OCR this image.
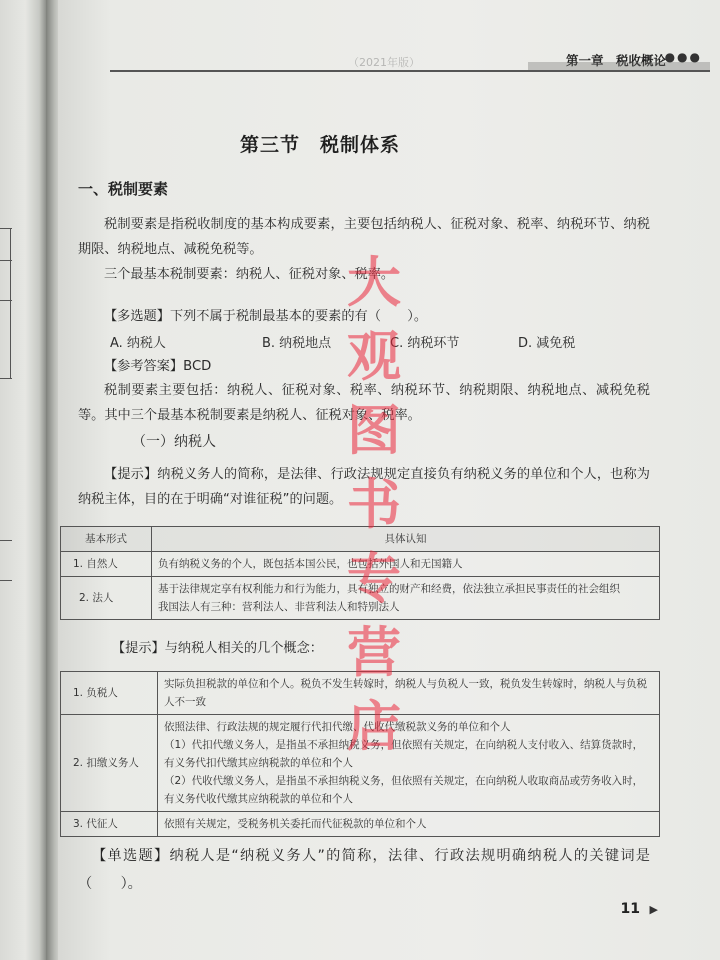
（2021年版）	第一章　税收概论
●●●
第三节　税制体系
一、税制要素
税制要素是指税收制度的基本构成要素，主要包括纳税人、征税对象、税率、纳税环节、纳税期限、纳税地点、减税免税等。
三个最基本税制要素：纳税人、征税对象、税率。
【多选题】下列不属于税制最基本的要素的有（　　）。
A. 纳税人	B. 纳税地点	C. 纳税环节	D. 减免税
【参考答案】BCD
税制要素主要包括：纳税人、征税对象、税率、纳税环节、纳税期限、纳税地点、减税免税等。其中三个最基本税制要素是纳税人、征税对象、税率。
（一）纳税人
【提示】纳税义务人的简称，是法律、行政法规规定直接负有纳税义务的单位和个人，也称为纳税主体，目的在于明确“对谁征税”的问题。
基本形式	具体认知
1. 自然人	负有纳税义务的个人，既包括本国公民，也包括外国人和无国籍人
2. 法人	基于法律规定享有权利能力和行为能力，具有独立的财产和经费，依法独立承担民事责任的社会组织
我国法人有三种：营利法人、非营利法人和特别法人
【提示】与纳税人相关的几个概念：
1. 负税人	实际负担税款的单位和个人。税负不发生转嫁时，纳税人与负税人一致，税负发生转嫁时，纳税人与负税人不一致
2. 扣缴义务人	依照法律、行政法规的规定履行代扣代缴、代收代缴税款义务的单位和个人
（1）代扣代缴义务人，是指虽不承担纳税义务，但依照有关规定，在向纳税人支付收入、结算货款时，有义务代扣代缴其应纳税款的单位和个人
（2）代收代缴义务人，是指虽不承担纳税义务，但依照有关规定，在向纳税人收取商品或劳务收入时，有义务代收代缴其应纳税款的单位和个人

3. 代征人	依照有关规定，受税务机关委托而代征税款的单位和个人
【单选题】纳税人是“纳税义务人”的简称，法律、行政法规明确纳税人的关键词是（　　）。
11 ▶
大
观
图
书
专
营
店
